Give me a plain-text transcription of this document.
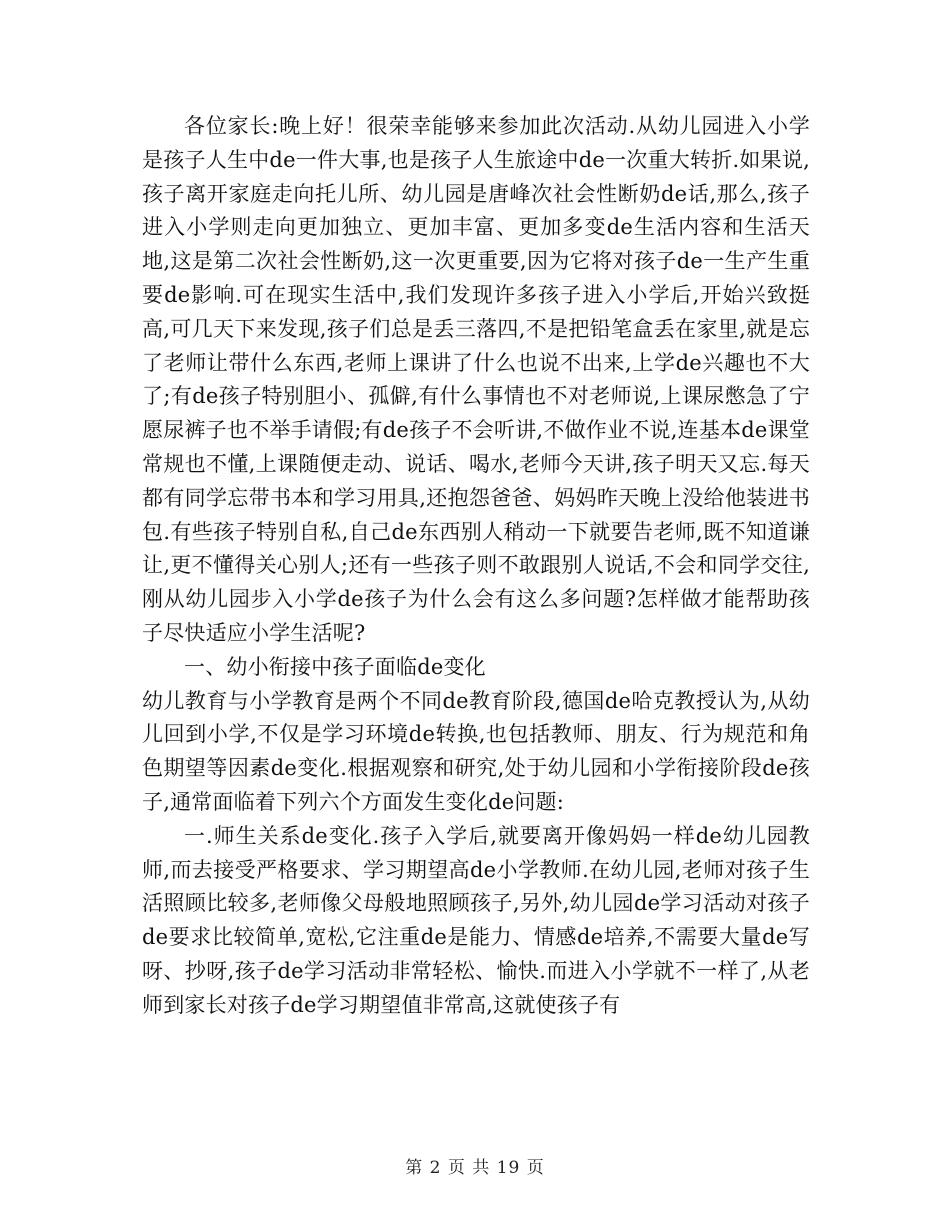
各位家长:晚上好！很荣幸能够来参加此次活动.从幼儿园进入小学是孩子人生中de一件大事,也是孩子人生旅途中de一次重大转折.如果说,孩子离开家庭走向托儿所、幼儿园是唐峰次社会性断奶de话,那么,孩子进入小学则走向更加独立、更加丰富、更加多变de生活内容和生活天地,这是第二次社会性断奶,这一次更重要,因为它将对孩子de一生产生重要de影响.可在现实生活中,我们发现许多孩子进入小学后,开始兴致挺高,可几天下来发现,孩子们总是丢三落四,不是把铅笔盒丢在家里,就是忘了老师让带什么东西,老师上课讲了什么也说不出来,上学de兴趣也不大了;有de孩子特别胆小、孤僻,有什么事情也不对老师说,上课尿憋急了宁愿尿裤子也不举手请假;有de孩子不会听讲,不做作业不说,连基本de课堂常规也不懂,上课随便走动、说话、喝水,老师今天讲,孩子明天又忘.每天都有同学忘带书本和学习用具,还抱怨爸爸、妈妈昨天晚上没给他装进书包.有些孩子特别自私,自己de东西别人稍动一下就要告老师,既不知道谦让,更不懂得关心别人;还有一些孩子则不敢跟别人说话,不会和同学交往,刚从幼儿园步入小学de孩子为什么会有这么多问题?怎样做才能帮助孩子尽快适应小学生活呢?

一、幼小衔接中孩子面临de变化

幼儿教育与小学教育是两个不同de教育阶段,德国de哈克教授认为,从幼儿回到小学,不仅是学习环境de转换,也包括教师、朋友、行为规范和角色期望等因素de变化.根据观察和研究,处于幼儿园和小学衔接阶段de孩子,通常面临着下列六个方面发生变化de问题:

一.师生关系de变化.孩子入学后,就要离开像妈妈一样de幼儿园教师,而去接受严格要求、学习期望高de小学教师.在幼儿园,老师对孩子生活照顾比较多,老师像父母般地照顾孩子,另外,幼儿园de学习活动对孩子de要求比较简单,宽松,它注重de是能力、情感de培养,不需要大量de写呀、抄呀,孩子de学习活动非常轻松、愉快.而进入小学就不一样了,从老师到家长对孩子de学习期望值非常高,这就使孩子有

第 2 页 共 19 页
